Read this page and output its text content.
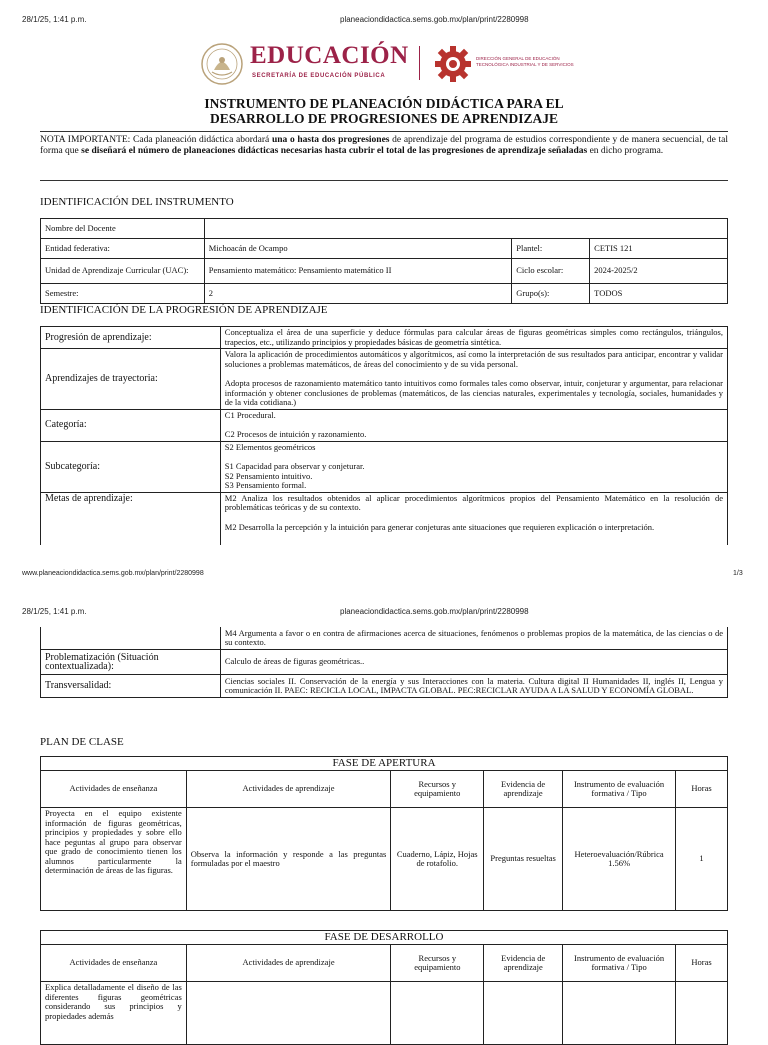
28/1/25, 1:41 p.m.	planeaciondidactica.sems.gob.mx/plan/print/2280998
EDUCACIÓN
SECRETARÍA DE EDUCACIÓN PÚBLICA
DIRECCIÓN GENERAL DE EDUCACIÓN
TECNOLÓGICA INDUSTRIAL Y DE SERVICIOS
INSTRUMENTO DE PLANEACIÓN DIDÁCTICA PARA EL
DESARROLLO DE PROGRESIONES DE APRENDIZAJE
NOTA IMPORTANTE: Cada planeación didáctica abordará una o hasta dos progresiones de aprendizaje del programa de estudios correspondiente y de manera secuencial, de tal forma que se diseñará el número de planeaciones didácticas necesarias hasta cubrir el total de las progresiones de aprendizaje señaladas en dicho programa.
IDENTIFICACIÓN DEL INSTRUMENTO
Nombre del Docente			
Entidad federativa:	Michoacán de Ocampo	Plantel:	CETIS 121
Unidad de Aprendizaje Curricular (UAC):	Pensamiento matemático: Pensamiento matemático II	Ciclo escolar:	2024-2025/2
Semestre:	2	Grupo(s):	TODOS
IDENTIFICACIÓN DE LA PROGRESIÓN DE APRENDIZAJE
Progresión de aprendizaje:	Conceptualiza el área de una superficie y deduce fórmulas para calcular áreas de figuras geométricas simples como rectángulos, triángulos, trapecios, etc., utilizando principios y propiedades básicas de geometría sintética.
Aprendizajes de trayectoria:	Valora la aplicación de procedimientos automáticos y algorítmicos, así como la interpretación de sus resultados para anticipar, encontrar y validar soluciones a problemas matemáticos, de áreas del conocimiento y de su vida personal.
Adopta procesos de razonamiento matemático tanto intuitivos como formales tales como observar, intuir, conjeturar y argumentar, para relacionar información y obtener conclusiones de problemas (matemáticos, de las ciencias naturales, experimentales y tecnología, sociales, humanidades y de la vida cotidiana.)

Categoría:	C1 Procedural.
C2 Procesos de intuición y razonamiento.

Subcategoría:	S2 Elementos geométricos
S1 Capacidad para observar y conjeturar.
S2 Pensamiento intuitivo.
S3 Pensamiento formal.

Metas de aprendizaje:	M2 Analiza los resultados obtenidos al aplicar procedimientos algorítmicos propios del Pensamiento Matemático en la resolución de problemáticas teóricas y de su contexto.
M2 Desarrolla la percepción y la intuición para generar conjeturas ante situaciones que requieren explicación o interpretación.
www.planeaciondidactica.sems.gob.mx/plan/print/2280998	1/3
28/1/25, 1:41 p.m.	planeaciondidactica.sems.gob.mx/plan/print/2280998
	M4 Argumenta a favor o en contra de afirmaciones acerca de situaciones, fenómenos o problemas propios de la matemática, de las ciencias o de su contexto.
Problematización (Situación contextualizada):	Calculo de áreas de figuras geométricas..
Transversalidad:	Ciencias sociales II. Conservación de la energía y sus Interacciones con la materia. Cultura digital II Humanidades II, inglés II, Lengua y comunicación II. PAEC: RECICLA LOCAL, IMPACTA GLOBAL. PEC:RECICLAR AYUDA A LA SALUD Y ECONOMÍA GLOBAL.
PLAN DE CLASE
FASE DE APERTURA					
Actividades de enseñanza	Actividades de aprendizaje	Recursos y equipamiento	Evidencia de aprendizaje	Instrumento de evaluación formativa / Tipo	Horas
Proyecta en el equipo existente información de figuras geométricas, principios y propiedades y sobre ello hace peguntas al grupo para observar que grado de conocimiento tienen los alumnos particularmente la determinación de áreas de las figuras.	Observa la información y responde a las preguntas formuladas por el maestro	Cuaderno, Lápiz, Hojas de rotafolio.	Preguntas resueltas	Heteroevaluación/Rúbrica 1.56%	1
FASE DE DESARROLLO					
Actividades de enseñanza	Actividades de aprendizaje	Recursos y equipamiento	Evidencia de aprendizaje	Instrumento de evaluación formativa / Tipo	Horas
Explica detalladamente el diseño de las diferentes figuras geométricas considerando sus principios y propiedades además					
